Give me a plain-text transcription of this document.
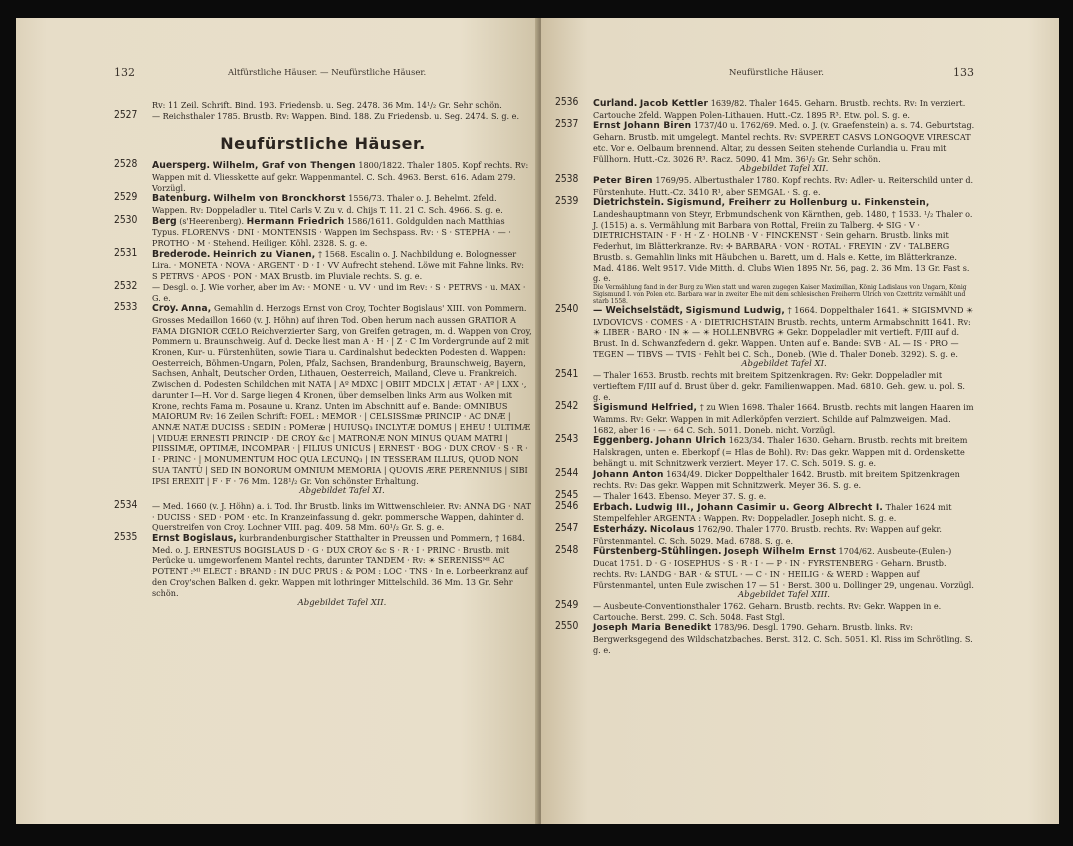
132	Altfürstliche Häuser. — Neufürstliche Häuser.

Rv: 11 Zeil. Schrift. Bind. 193. Friedensb. u. Seg. 2478. 36 Mm. 14¹/₂ Gr. Sehr schön.

2527 — Reichsthaler 1785. Brustb. Rv: Wappen. Bind. 188. Zu Friedensb. u. Seg. 2474. S. g. e.
Neufürstliche Häuser.
2528 Auersperg. Wilhelm, Graf von Thengen 1800/1822. Thaler 1805. Kopf rechts. Rv: Wappen mit d. Vliesskette auf gekr. Wappenmantel. C. Sch. 4963. Berst. 616. Adam 279. Vorzügl.
2529 Batenburg. Wilhelm von Bronckhorst 1556/73. Thaler o. J. Behelmt. 2feld. Wappen. Rv: Doppeladler u. Titel Carls V. Zu v. d. Chijs T. 11. 21 C. Sch. 4966. S. g. e.
2530 Berg (s'Heerenberg). Hermann Friedrich 1586/1611. Goldgulden nach Matthias Typus. FLORENVS · DNI · MONTENSIS · Wappen im Sechspass. Rv: · S · STEPHA · — · PROTHO · M · Stehend. Heiliger. Köhl. 2328. S. g. e.
2531 Brederode. Heinrich zu Vianen, † 1568. Escalin o. J. Nachbildung e. Bolognesser Lira. · MONETA · NOVA · ARGENT · D · I · VV Aufrecht stehend. Löwe mit Fahne links. Rv: S PETRVS · APOS · PON · MAX Brustb. im Pluviale rechts. S. g. e.
2532 — Desgl. o. J. Wie vorher, aber im Av: · MONE · u. VV · und im Rev: · S · PETRVS · u. MAX · G. e.
2533 Croy. Anna, Gemahlin d. Herzogs Ernst von Croy, Tochter Bogislaus' XIII. von Pommern. Grosses Medaillon 1660 (v. J. Höhn) auf ihren Tod. Oben herum nach aussen GRATIOR A FAMA DIGNIOR CŒLO Reichverzierter Sarg, von Greifen getragen, m. d. Wappen von Croy, Pommern u. Braunschweig. Auf d. Decke liest man A · H · | Z · C Im Vordergrunde auf 2 mit Kronen, Kur- u. Fürstenhüten, sowie Tiara u. Cardinalshut bedeckten Podesten d. Wappen: Oesterreich, Böhmen-Ungarn, Polen, Pfalz, Sachsen, Brandenburg, Braunschweig, Bayern, Sachsen, Anhalt, Deutscher Orden, Lithauen, Oesterreich, Mailand, Cleve u. Frankreich. Zwischen d. Podesten Schildchen mit NATA | Aº MDXC | OBIIT MDCLX | ÆTAT · Aº | LXX ·, darunter I—H. Vor d. Sarge liegen 4 Kronen, über demselben links Arm aus Wolken mit Krone, rechts Fama m. Posaune u. Kranz. Unten im Abschnitt auf e. Bande: OMNIBUS MAIORUM Rv: 16 Zeilen Schrift: FOEL : MEMOR · | CELSISSmæ PRINCIP · AC DNÆ | ANNÆ NATÆ DUCISS : SEDIN : POMeræ | HUIUSQ₃ INCLYTÆ DOMUS | EHEU ! ULTIMÆ | VIDUÆ ERNESTI PRINCIP · DE CROY &c | MATRONÆ NON MINUS QUAM MATRI | PIISSIMÆ, OPTIMÆ, INCOMPAR · | FILIUS UNICUS | ERNEST · BOG · DUX CROV · S · R · I · PRINC · | MONUMENTUM HOC QUA LECUNQ₃ | IN TESSERAM ILLIUS, QUOD NON SUA TANTÙ | SED IN BONORUM OMNIUM MEMORIA | QUOVIS ÆRE PERENNIUS | SIBI IPSI EREXIT | F · F · 76 Mm. 128¹/₂ Gr. Von schönster Erhaltung.
Abgebildet Tafel XI.
2534 — Med. 1660 (v. J. Höhn) a. i. Tod. Ihr Brustb. links im Wittwenschleier. Rv: ANNA DG · NAT · DUCISS · SED · POM · etc. In Kranzeinfassung d. gekr. pommersche Wappen, dahinter d. Querstreifen von Croy. Lochner VIII. pag. 409. 58 Mm. 60¹/₂ Gr. S. g. e.
2535 Ernst Bogislaus, kurbrandenburgischer Statthalter in Preussen und Pommern, † 1684. Med. o. J. ERNESTUS BOGISLAUS D · G · DUX CROY &c S · R · I · PRINC · Brustb. mit Perücke u. umgeworfenem Mantel rechts, darunter TANDEM · Rv: ☀ SERENISSᴹᴵ AC POTENT :ᴹᴵ ELECT : BRAND : IN DUC PRUS : & POM : LOC · TNS · In e. Lorbeerkranz auf den Croy'schen Balken d. gekr. Wappen mit lothringer Mittelschild. 36 Mm. 13 Gr. Sehr schön.
Abgebildet Tafel XII.
Neufürstliche Häuser.	133
2536 Curland. Jacob Kettler 1639/82. Thaler 1645. Geharn. Brustb. rechts. Rv: In verziert. Cartouche 2feld. Wappen Polen-Lithauen. Hutt.-Cz. 1895 R³. Etw. pol. S. g. e.
2537 Ernst Johann Biren 1737/40 u. 1762/69. Med. o. J. (v. Graefenstein) a. s. 74. Geburtstag. Geharn. Brustb. mit umgelegt. Mantel rechts. Rv: SVPERET CASVS LONGOQVE VIRESCAT etc. Vor e. Oelbaum brennend. Altar, zu dessen Seiten stehende Curlandia u. Frau mit Füllhorn. Hutt.-Cz. 3026 R³. Racz. 5090. 41 Mm. 36¹/₂ Gr. Sehr schön.
Abgebildet Tafel XII.
2538 Peter Biren 1769/95. Albertusthaler 1780. Kopf rechts. Rv: Adler- u. Reiterschild unter d. Fürstenhute. Hutt.-Cz. 3410 R¹, aber SEMGAL · S. g. e.
2539 Dietrichstein. Sigismund, Freiherr zu Hollenburg u. Finkenstein, Landeshauptmann von Steyr, Erbmundschenk von Kärnthen, geb. 1480, † 1533. ¹/₂ Thaler o. J. (1515) a. s. Vermählung mit Barbara von Rottal, Freiin zu Talberg. ✢ SIG · V · DIETRICHSTAIN · F · H · Z · HOLNB · V · FINCKENST · Sein geharn. Brustb. links mit Federhut, im Blätterkranze. Rv: ✢ BARBARA · VON · ROTAL · FREYIN · ZV · TALBERG Brustb. s. Gemahlin links mit Häubchen u. Barett, um d. Hals e. Kette, im Blätterkranze. Mad. 4186. Welt 9517. Vide Mitth. d. Clubs Wien 1895 Nr. 56, pag. 2. 36 Mm. 13 Gr. Fast s. g. e.
Die Vermählung fand in der Burg zu Wien statt und waren zugegen Kaiser Maximilian, König Ladislaus von Ungarn, König Sigismund I. von Polen etc. Barbara war in zweiter Ehe mit dem schlesischen Freiherrn Ulrich von Czettritz vermählt und starb 1558.
2540 — Weichselstädt, Sigismund Ludwig, † 1664. Doppelthaler 1641. ☀ SIGISMVND ☀ LVDOVICVS · COMES · A · DIETRICHSTAIN Brustb. rechts, unterm Armabschnitt 1641. Rv: ☀ LIBER · BARO · IN ☀ — ☀ HOLLENBVRG ☀ Gekr. Doppeladler mit vertieft. F/III auf d. Brust. In d. Schwanzfedern d. gekr. Wappen. Unten auf e. Bande: SVB · AL — IS · PRO — TEGEN — TIBVS — TVIS · Fehlt bei C. Sch., Doneb. (Wie d. Thaler Doneb. 3292). S. g. e.
Abgebildet Tafel XI.
2541 — Thaler 1653. Brustb. rechts mit breitem Spitzenkragen. Rv: Gekr. Doppeladler mit vertieftem F/III auf d. Brust über d. gekr. Familienwappen. Mad. 6810. Geh. gew. u. pol. S. g. e.
2542 Sigismund Helfried, † zu Wien 1698. Thaler 1664. Brustb. rechts mit langen Haaren im Wamms. Rv: Gekr. Wappen in mit Adlerköpfen verziert. Schilde auf Palmzweigen. Mad. 1682, aber 16 · — · 64 C. Sch. 5011. Doneb. nicht. Vorzügl.
2543 Eggenberg. Johann Ulrich 1623/34. Thaler 1630. Geharn. Brustb. rechts mit breitem Halskragen, unten e. Eberkopf (= Hlas de Bohl). Rv: Das gekr. Wappen mit d. Ordenskette behängt u. mit Schnitzwerk verziert. Meyer 17. C. Sch. 5019. S. g. e.
2544 Johann Anton 1634/49. Dicker Doppelthaler 1642. Brustb. mit breitem Spitzenkragen rechts. Rv: Das gekr. Wappen mit Schnitzwerk. Meyer 36. S. g. e.
2545 — Thaler 1643. Ebenso. Meyer 37. S. g. e.
2546 Erbach. Ludwig III., Johann Casimir u. Georg Albrecht I. Thaler 1624 mit Stempelfehler ARGENTA : Wappen. Rv: Doppeladler. Joseph nicht. S. g. e.
2547 Esterházy. Nicolaus 1762/90. Thaler 1770. Brustb. rechts. Rv: Wappen auf gekr. Fürstenmantel. C. Sch. 5029. Mad. 6788. S. g. e.
2548 Fürstenberg-Stühlingen. Joseph Wilhelm Ernst 1704/62. Ausbeute-(Eulen-) Ducat 1751. D · G · IOSEPHUS · S · R · I · — P · IN · FYRSTENBERG · Geharn. Brustb. rechts. Rv: LANDG · BAR · & STUL · — C · IN · HEILIG · & WERD : Wappen auf Fürstenmantel, unten Eule zwischen 17 — 51 · Berst. 300 u. Dollinger 29, ungenau. Vorzügl.
Abgebildet Tafel XIII.
2549 — Ausbeute-Conventionsthaler 1762. Geharn. Brustb. rechts. Rv: Gekr. Wappen in e. Cartouche. Berst. 299. C. Sch. 5048. Fast Stgl.
2550 Joseph Maria Benedikt 1783/96. Desgl. 1790. Geharn. Brustb. links. Rv: Bergwerksgegend des Wildschatzbaches. Berst. 312. C. Sch. 5051. Kl. Riss im Schrötling. S. g. e.
